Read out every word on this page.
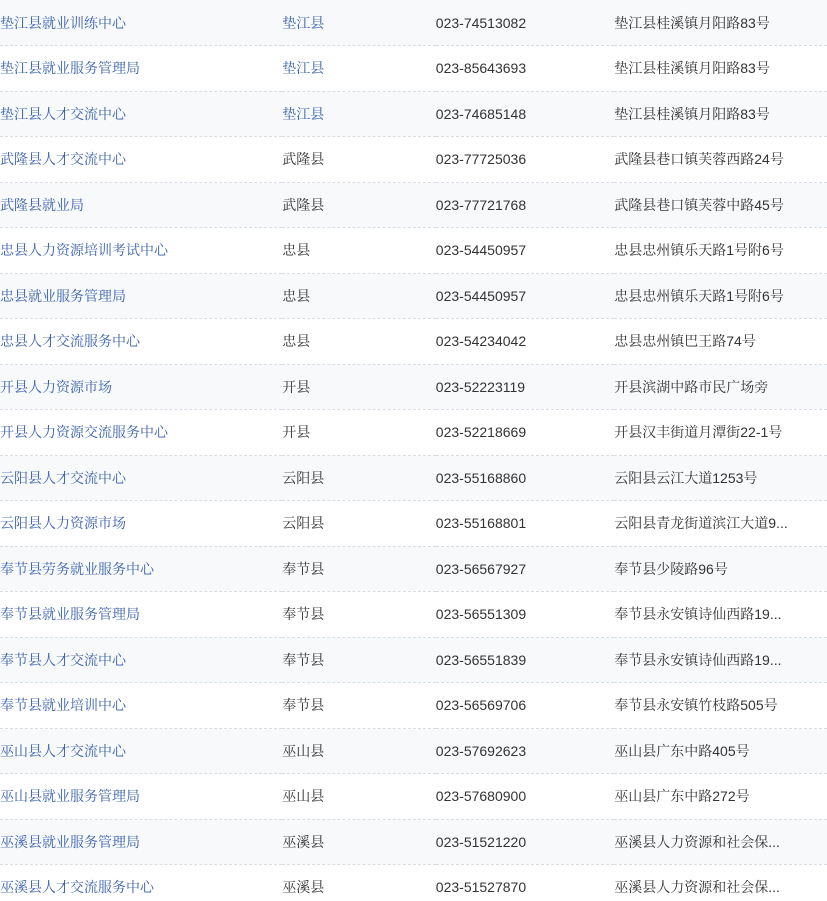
垫江县就业训练中心	垫江县	023-74513082	垫江县桂溪镇月阳路83号
垫江县就业服务管理局	垫江县	023-85643693	垫江县桂溪镇月阳路83号
垫江县人才交流中心	垫江县	023-74685148	垫江县桂溪镇月阳路83号
武隆县人才交流中心	武隆县	023-77725036	武隆县巷口镇芙蓉西路24号
武隆县就业局	武隆县	023-77721768	武隆县巷口镇芙蓉中路45号
忠县人力资源培训考试中心	忠县	023-54450957	忠县忠州镇乐天路1号附6号
忠县就业服务管理局	忠县	023-54450957	忠县忠州镇乐天路1号附6号
忠县人才交流服务中心	忠县	023-54234042	忠县忠州镇巴王路74号
开县人力资源市场	开县	023-52223119	开县滨湖中路市民广场旁
开县人力资源交流服务中心	开县	023-52218669	开县汉丰街道月潭街22-1号
云阳县人才交流中心	云阳县	023-55168860	云阳县云江大道1253号
云阳县人力资源市场	云阳县	023-55168801	云阳县青龙街道滨江大道9...
奉节县劳务就业服务中心	奉节县	023-56567927	奉节县少陵路96号
奉节县就业服务管理局	奉节县	023-56551309	奉节县永安镇诗仙西路19...
奉节县人才交流中心	奉节县	023-56551839	奉节县永安镇诗仙西路19...
奉节县就业培训中心	奉节县	023-56569706	奉节县永安镇竹枝路505号
巫山县人才交流中心	巫山县	023-57692623	巫山县广东中路405号
巫山县就业服务管理局	巫山县	023-57680900	巫山县广东中路272号
巫溪县就业服务管理局	巫溪县	023-51521220	巫溪县人力资源和社会保...
巫溪县人才交流服务中心	巫溪县	023-51527870	巫溪县人力资源和社会保...
